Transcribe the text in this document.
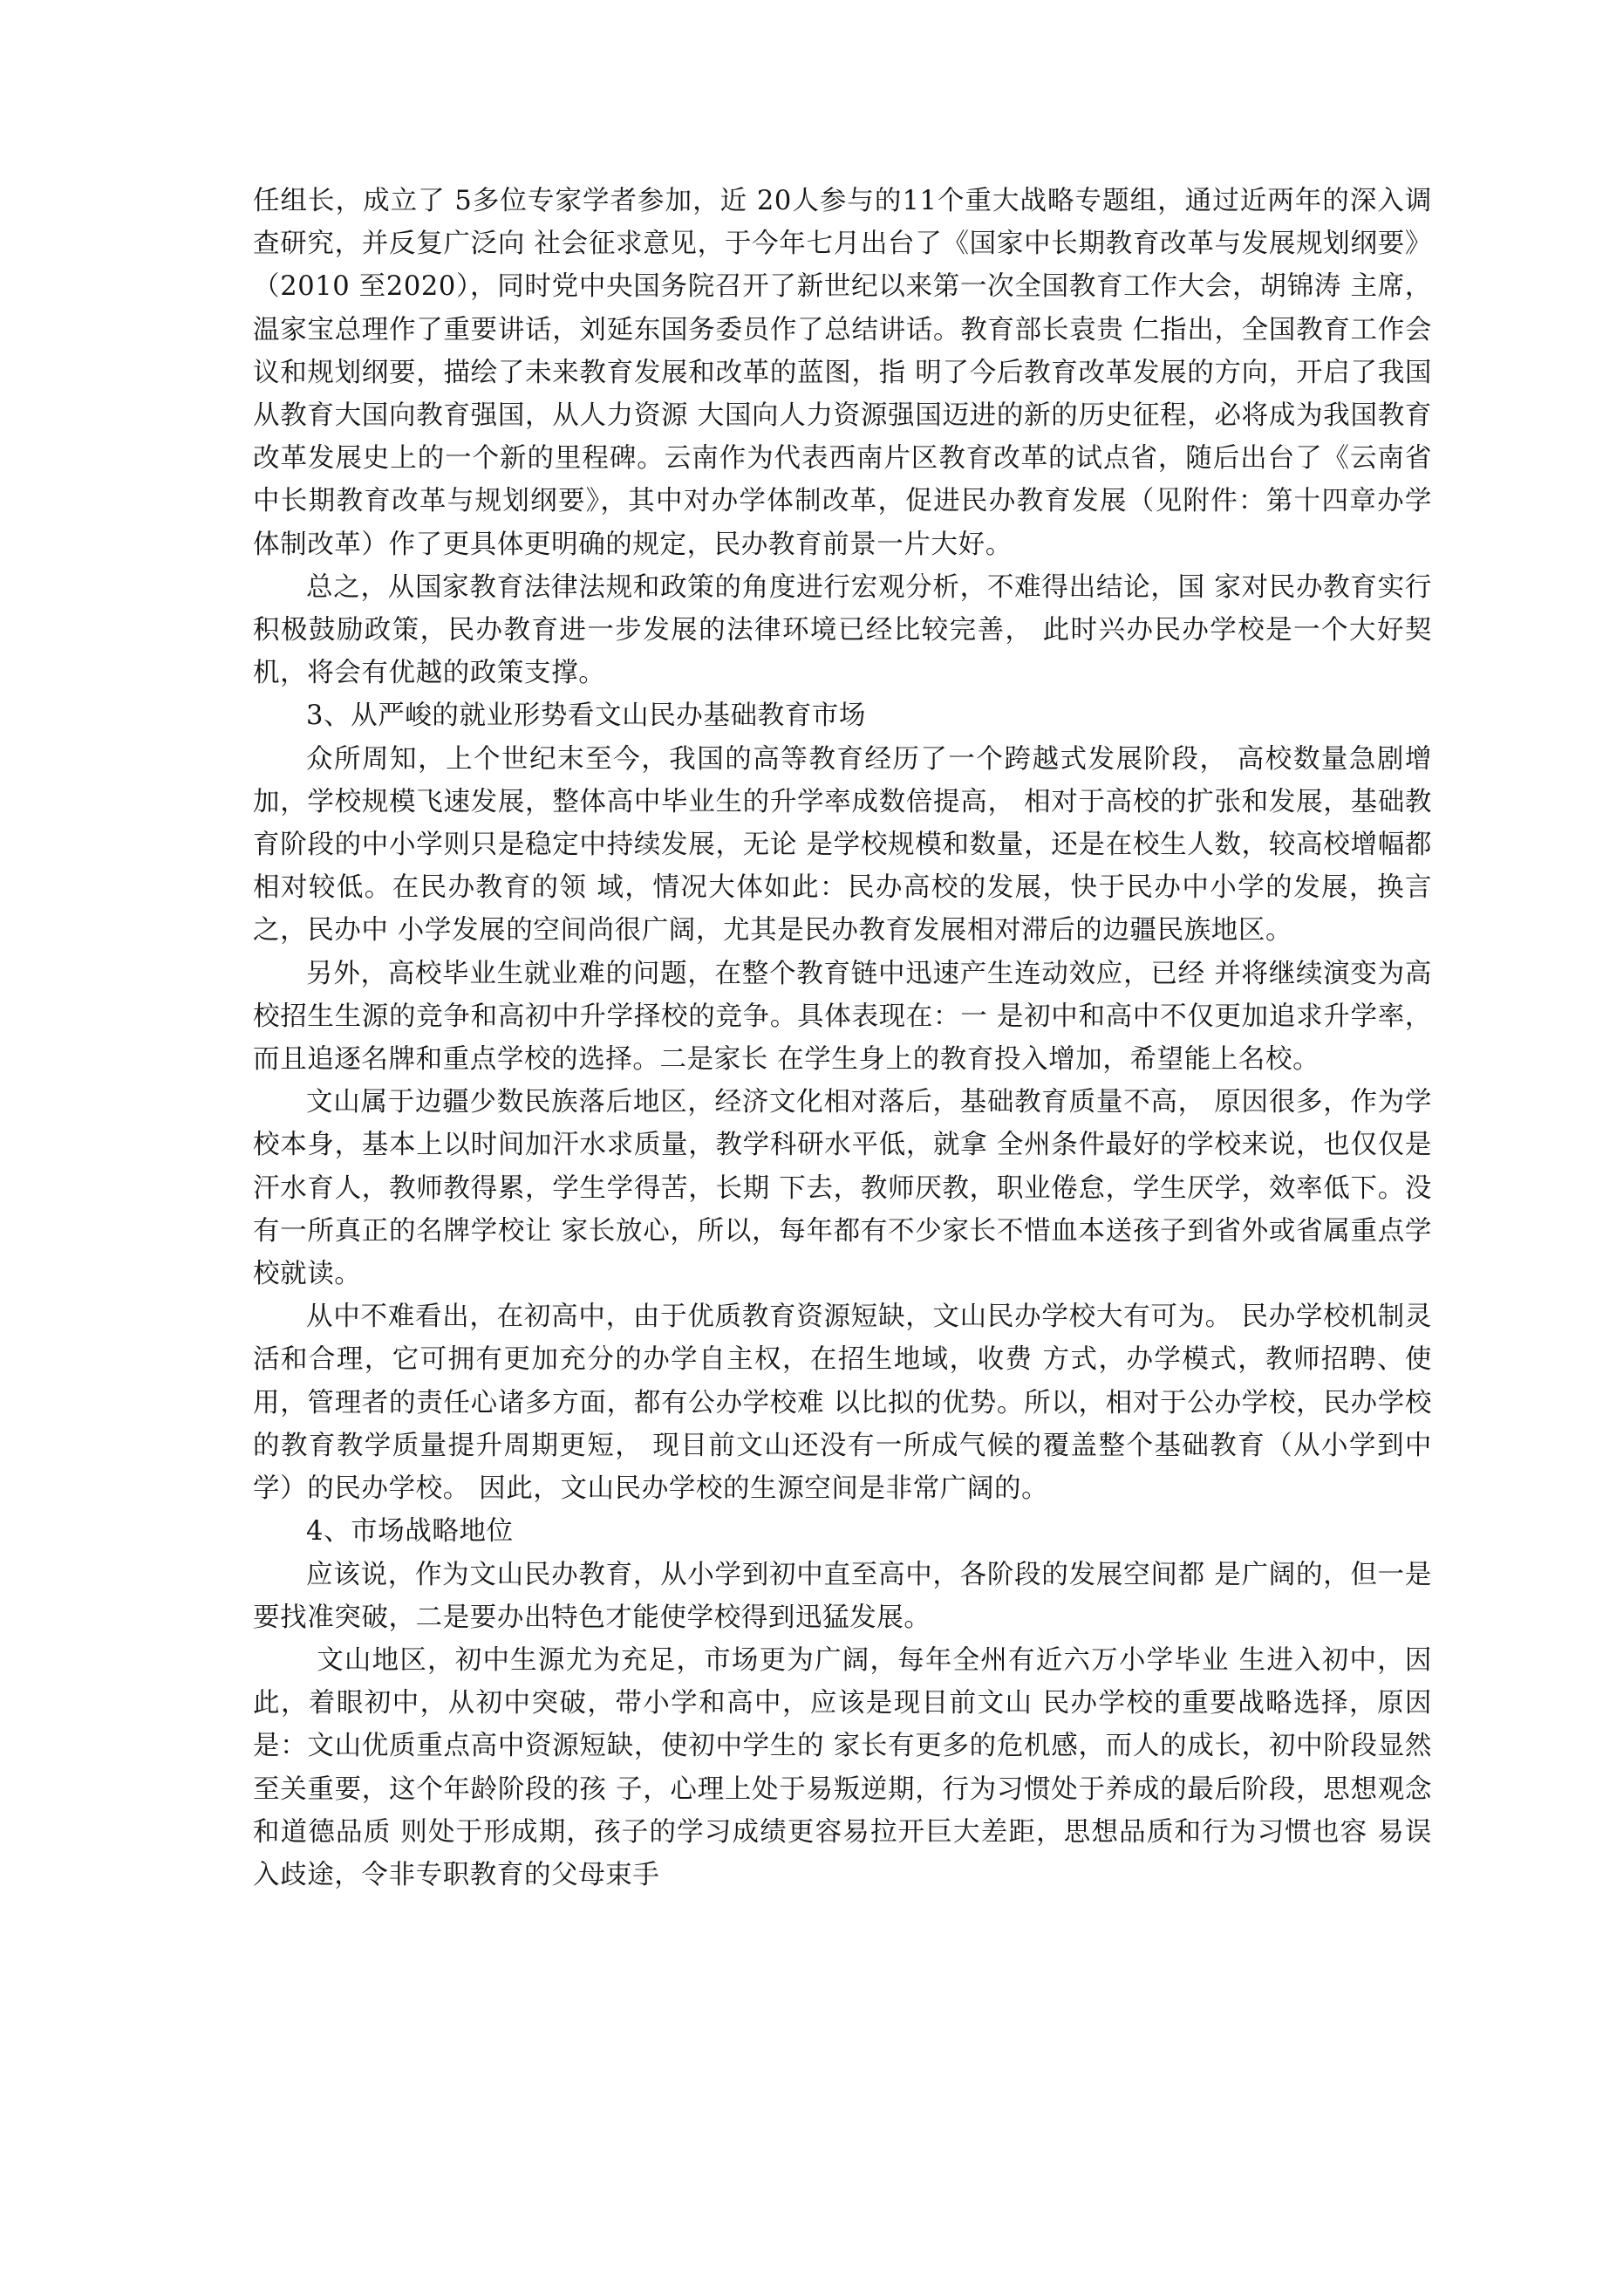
任组长，成立了 5多位专家学者参加，近 20人参与的11个重大战略专题组，通过近两年的深入调查研究，并反复广泛向 社会征求意见，于今年七月出台了《国家中长期教育改革与发展规划纲要》（2010 至2020），同时党中央国务院召开了新世纪以来第一次全国教育工作大会，胡锦涛 主席，温家宝总理作了重要讲话，刘延东国务委员作了总结讲话。教育部长袁贵 仁指出，全国教育工作会议和规划纲要，描绘了未来教育发展和改革的蓝图，指 明了今后教育改革发展的方向，开启了我国从教育大国向教育强国，从人力资源 大国向人力资源强国迈进的新的历史征程，必将成为我国教育改革发展史上的一个新的里程碑。云南作为代表西南片区教育改革的试点省，随后出台了《云南省 中长期教育改革与规划纲要》，其中对办学体制改革，促进民办教育发展（见附件：第十四章办学体制改革）作了更具体更明确的规定，民办教育前景一片大好。

总之，从国家教育法律法规和政策的角度进行宏观分析，不难得出结论，国 家对民办教育实行积极鼓励政策，民办教育进一步发展的法律环境已经比较完善， 此时兴办民办学校是一个大好契机，将会有优越的政策支撑。

3、从严峻的就业形势看文山民办基础教育市场

众所周知，上个世纪末至今，我国的高等教育经历了一个跨越式发展阶段， 高校数量急剧增加，学校规模飞速发展，整体高中毕业生的升学率成数倍提高， 相对于高校的扩张和发展，基础教育阶段的中小学则只是稳定中持续发展，无论 是学校规模和数量，还是在校生人数，较高校增幅都相对较低。在民办教育的领 域，情况大体如此：民办高校的发展，快于民办中小学的发展，换言之，民办中 小学发展的空间尚很广阔，尤其是民办教育发展相对滞后的边疆民族地区。

另外，高校毕业生就业难的问题，在整个教育链中迅速产生连动效应，已经 并将继续演变为高校招生生源的竞争和高初中升学择校的竞争。具体表现在：一 是初中和高中不仅更加追求升学率，而且追逐名牌和重点学校的选择。二是家长 在学生身上的教育投入增加，希望能上名校。

文山属于边疆少数民族落后地区，经济文化相对落后，基础教育质量不高， 原因很多，作为学校本身，基本上以时间加汗水求质量，教学科研水平低，就拿 全州条件最好的学校来说，也仅仅是汗水育人，教师教得累，学生学得苦，长期 下去，教师厌教，职业倦怠，学生厌学，效率低下。没有一所真正的名牌学校让 家长放心，所以，每年都有不少家长不惜血本送孩子到省外或省属重点学校就读。

从中不难看出，在初高中，由于优质教育资源短缺，文山民办学校大有可为。 民办学校机制灵活和合理，它可拥有更加充分的办学自主权，在招生地域，收费 方式，办学模式，教师招聘、使用，管理者的责任心诸多方面，都有公办学校难 以比拟的优势。所以，相对于公办学校，民办学校的教育教学质量提升周期更短， 现目前文山还没有一所成气候的覆盖整个基础教育（从小学到中学）的民办学校。 因此，文山民办学校的生源空间是非常广阔的。

4、市场战略地位

应该说，作为文山民办教育，从小学到初中直至高中，各阶段的发展空间都 是广阔的，但一是要找准突破，二是要办出特色才能使学校得到迅猛发展。

文山地区，初中生源尤为充足，市场更为广阔，每年全州有近六万小学毕业 生进入初中，因此，着眼初中，从初中突破，带小学和高中，应该是现目前文山 民办学校的重要战略选择，原因是：文山优质重点高中资源短缺，使初中学生的 家长有更多的危机感，而人的成长，初中阶段显然至关重要，这个年龄阶段的孩 子，心理上处于易叛逆期，行为习惯处于养成的最后阶段，思想观念和道德品质 则处于形成期，孩子的学习成绩更容易拉开巨大差距，思想品质和行为习惯也容 易误入歧途，令非专职教育的父母束手
